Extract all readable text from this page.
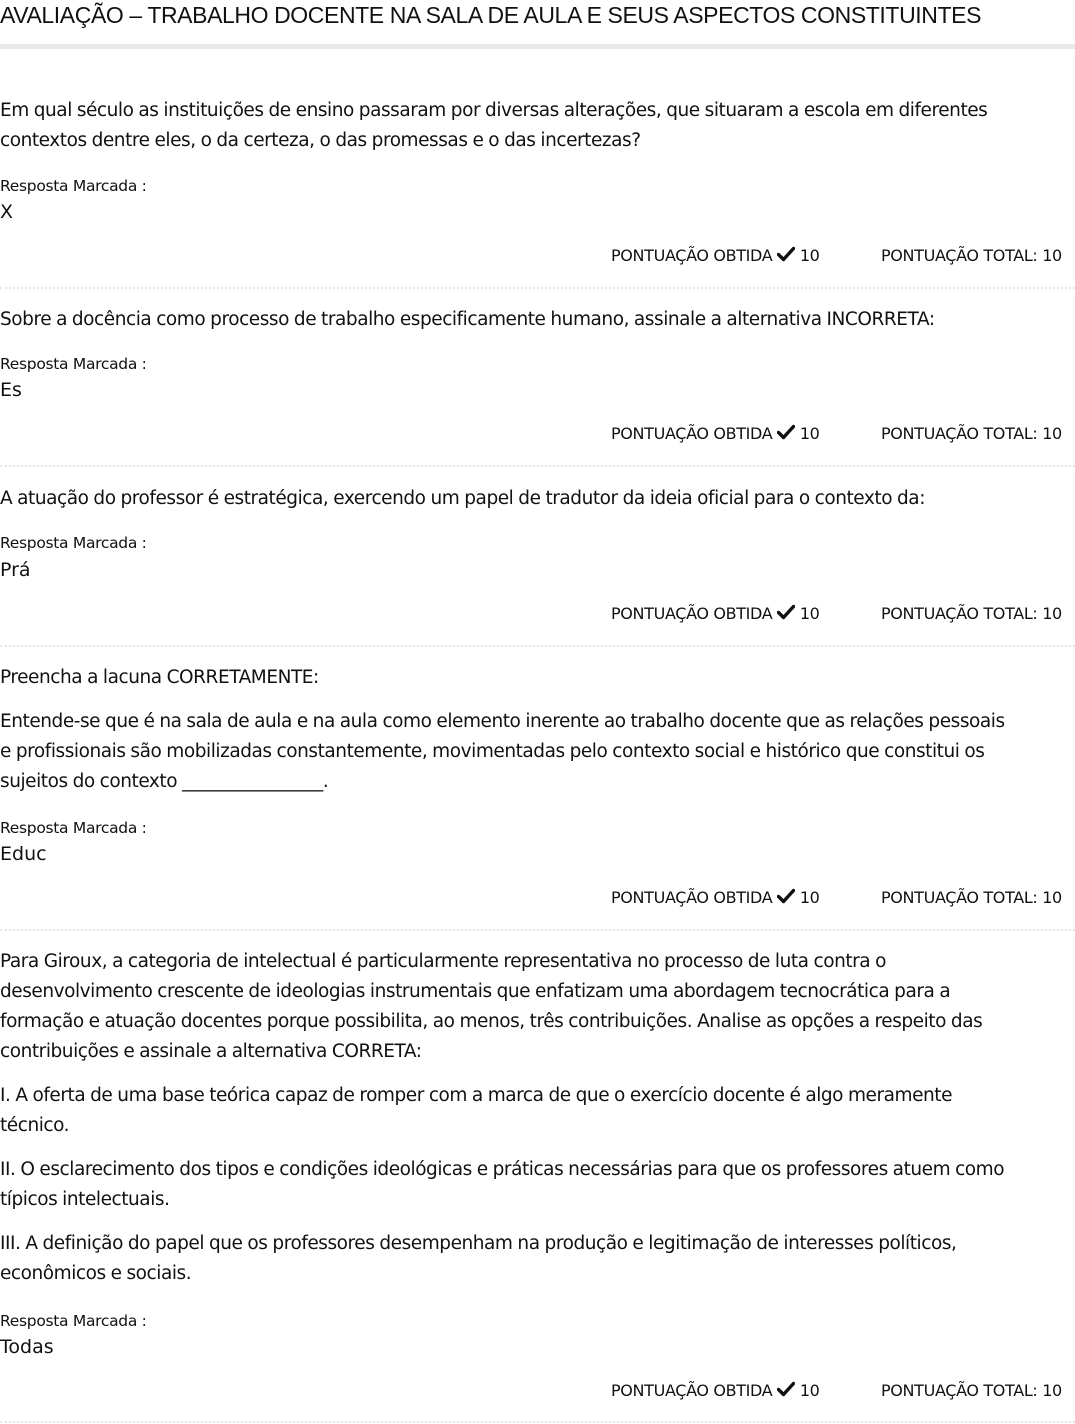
AVALIAÇÃO – TRABALHO DOCENTE NA SALA DE AULA E SEUS ASPECTOS CONSTITUINTES
Em qual século as instituições de ensino passaram por diversas alterações, que situaram a escola em diferentes
contextos dentre eles, o da certeza, o das promessas e o das incertezas?
Resposta Marcada :
X
PONTUAÇÃO OBTIDA 10	PONTUAÇÃO TOTAL: 10
Sobre a docência como processo de trabalho especificamente humano, assinale a alternativa INCORRETA:
Resposta Marcada :
Es
PONTUAÇÃO OBTIDA 10	PONTUAÇÃO TOTAL: 10
A atuação do professor é estratégica, exercendo um papel de tradutor da ideia oficial para o contexto da:
Resposta Marcada :
Prá
PONTUAÇÃO OBTIDA 10	PONTUAÇÃO TOTAL: 10
Preencha a lacuna CORRETAMENTE:
Entende-se que é na sala de aula e na aula como elemento inerente ao trabalho docente que as relações pessoais
e profissionais são mobilizadas constantemente, movimentadas pelo contexto social e histórico que constitui os
sujeitos do contexto ________________.
Resposta Marcada :
Educ
PONTUAÇÃO OBTIDA 10	PONTUAÇÃO TOTAL: 10
Para Giroux, a categoria de intelectual é particularmente representativa no processo de luta contra o
desenvolvimento crescente de ideologias instrumentais que enfatizam uma abordagem tecnocrática para a
formação e atuação docentes porque possibilita, ao menos, três contribuições. Analise as opções a respeito das
contribuições e assinale a alternativa CORRETA:
I. A oferta de uma base teórica capaz de romper com a marca de que o exercício docente é algo meramente
técnico.
II. O esclarecimento dos tipos e condições ideológicas e práticas necessárias para que os professores atuem como
típicos intelectuais.
III. A definição do papel que os professores desempenham na produção e legitimação de interesses políticos,
econômicos e sociais.
Resposta Marcada :
Todas
PONTUAÇÃO OBTIDA 10	PONTUAÇÃO TOTAL: 10
